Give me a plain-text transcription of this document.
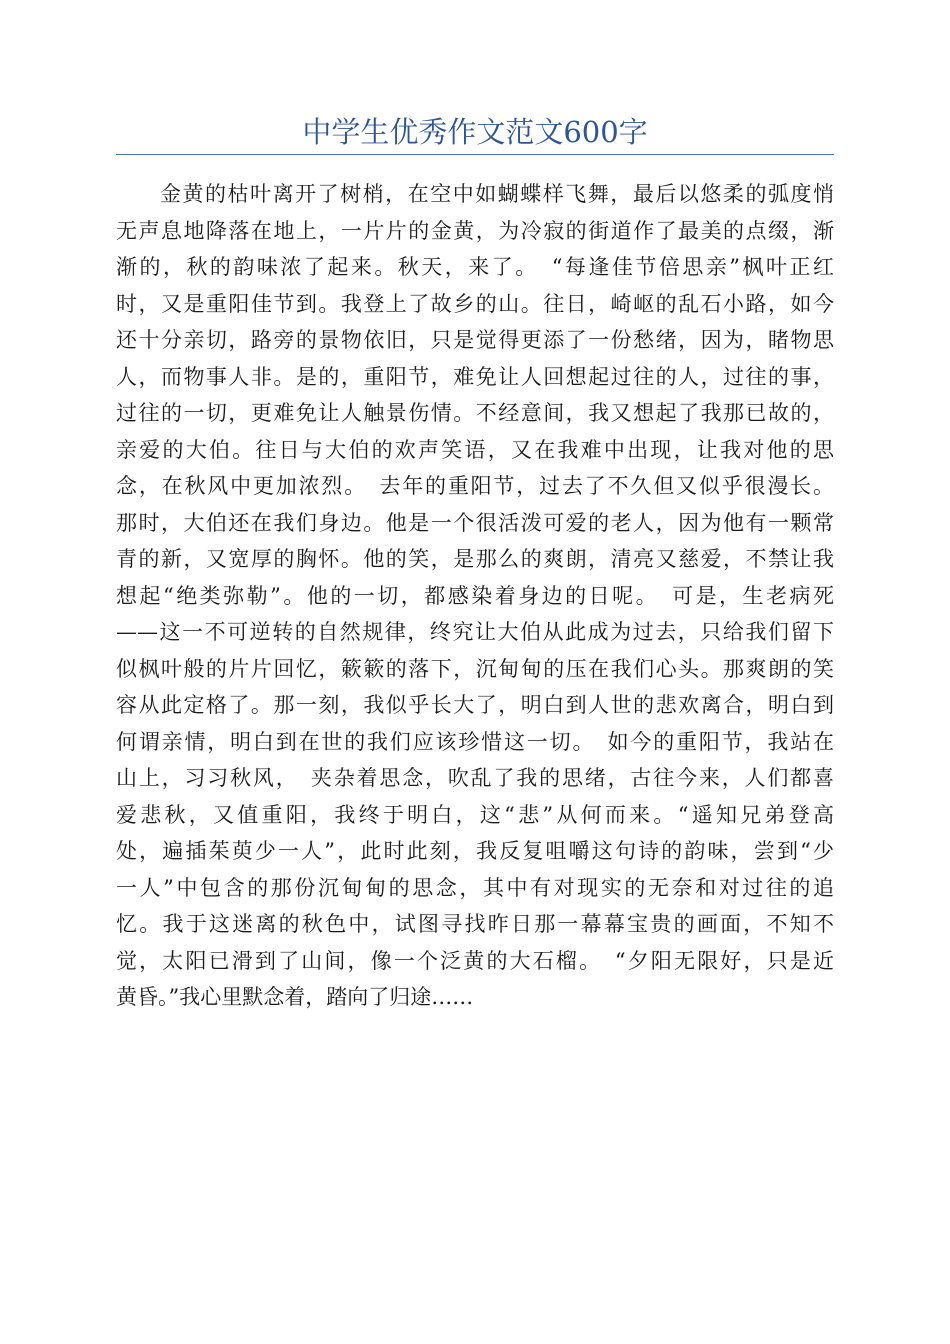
中学生优秀作文范文600字
金黄的枯叶离开了树梢，在空中如蝴蝶样飞舞，最后以悠柔的弧度悄
无声息地降落在地上，一片片的金黄，为冷寂的街道作了最美的点缀，渐
渐的，秋的韵味浓了起来。秋天，来了。　“每逢佳节倍思亲”枫叶正红
时，又是重阳佳节到。我登上了故乡的山。往日，崎岖的乱石小路，如今
还十分亲切，路旁的景物依旧，只是觉得更添了一份愁绪，因为，睹物思
人，而物事人非。是的，重阳节，难免让人回想起过往的人，过往的事，
过往的一切，更难免让人触景伤情。不经意间，我又想起了我那已故的，
亲爱的大伯。往日与大伯的欢声笑语，又在我难中出现，让我对他的思
念，在秋风中更加浓烈。　去年的重阳节，过去了不久但又似乎很漫长。
那时，大伯还在我们身边。他是一个很活泼可爱的老人，因为他有一颗常
青的新，又宽厚的胸怀。他的笑，是那么的爽朗，清亮又慈爱，不禁让我
想起“绝类弥勒”。他的一切，都感染着身边的日呢。　可是，生老病死
——这一不可逆转的自然规律，终究让大伯从此成为过去，只给我们留下
似枫叶般的片片回忆，簌簌的落下，沉甸甸的压在我们心头。那爽朗的笑
容从此定格了。那一刻，我似乎长大了，明白到人世的悲欢离合，明白到
何谓亲情，明白到在世的我们应该珍惜这一切。　如今的重阳节，我站在
山上，习习秋风，　夹杂着思念，吹乱了我的思绪，古往今来，人们都喜
爱悲秋，又值重阳，我终于明白，这“悲”从何而来。“遥知兄弟登高
处，遍插茱萸少一人”，此时此刻，我反复咀嚼这句诗的韵味，尝到“少
一人”中包含的那份沉甸甸的思念，其中有对现实的无奈和对过往的追
忆。我于这迷离的秋色中，试图寻找昨日那一幕幕宝贵的画面，不知不
觉，太阳已滑到了山间，像一个泛黄的大石榴。　“夕阳无限好，只是近
黄昏。”我心里默念着，踏向了归途……
